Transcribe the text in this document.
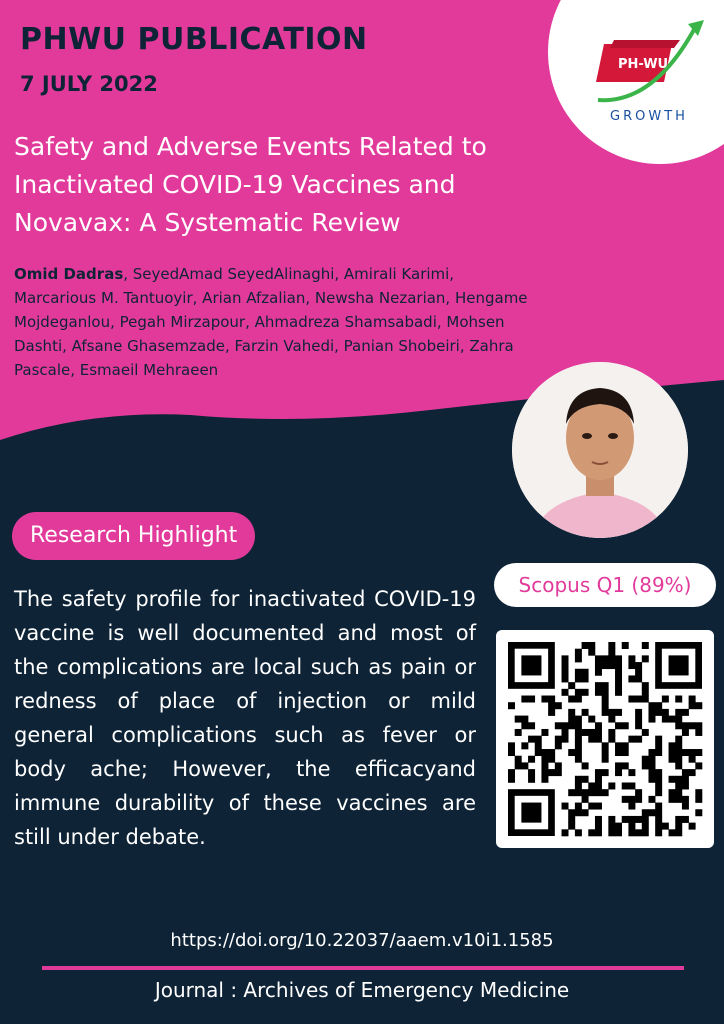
PHWU PUBLICATION
7 JULY 2022
PH-WU
GROWTH
Safety and Adverse Events Related to Inactivated COVID-19 Vaccines and Novavax: A Systematic Review
Omid Dadras, SeyedAmad SeyedAlinaghi, Amirali Karimi, Marcarious M. Tantuoyir, Arian Afzalian, Newsha Nezarian, Hengame Mojdeganlou, Pegah Mirzapour, Ahmadreza Shamsabadi, Mohsen Dashti, Afsane Ghasemzade, Farzin Vahedi, Panian Shobeiri, Zahra Pascale, Esmaeil Mehraeen
Research Highlight
Scopus Q1 (89%)
The safety profile for inactivated COVID-19 vaccine is well documented and most of the complications are local such as pain or redness of place of injection or mild general complications such as fever or body ache; However, the efficacyand immune durability of these vaccines are still under debate.
https://doi.org/10.22037/aaem.v10i1.1585
Journal : Archives of Emergency Medicine
